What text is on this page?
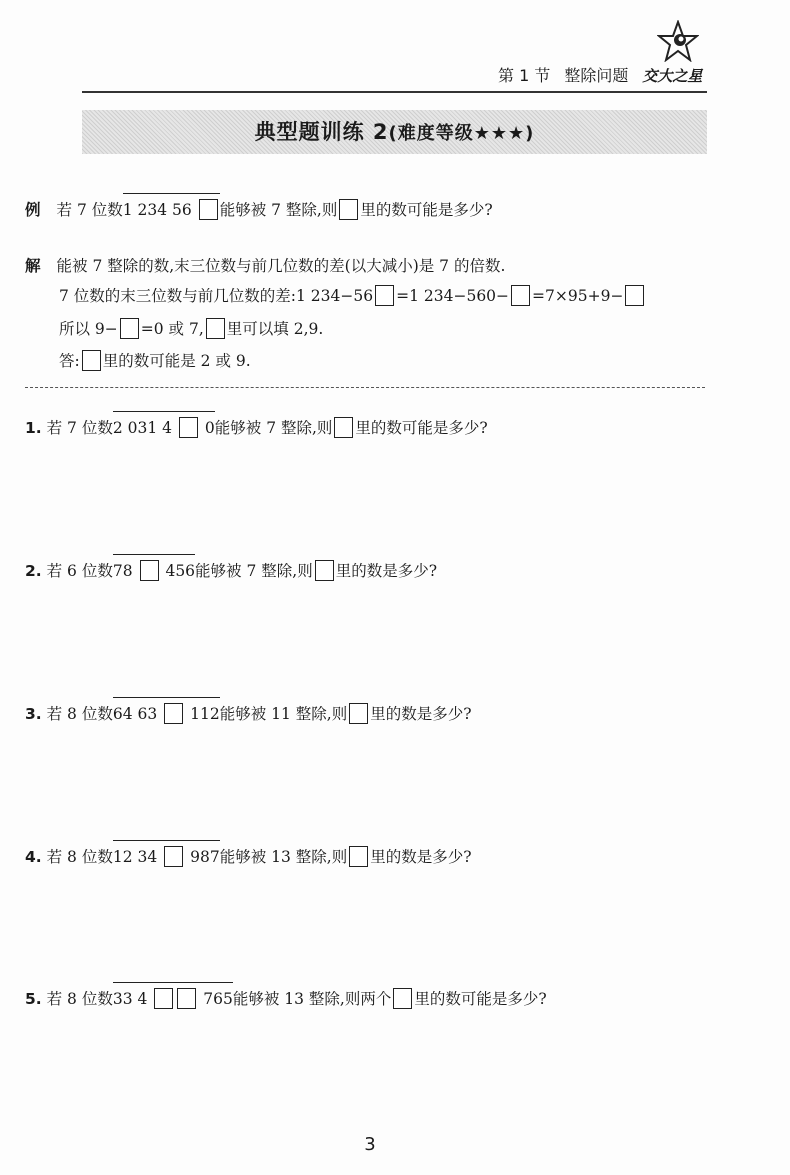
第 1 节 整除问题 交大之星
典型题训练 2(难度等级★★★)
例 若 7 位数
1 234 56 能够被 7 整除,则 里的数可能是多少?
解 能被 7 整除的数,末三位数与前几位数的差(以大减小)是 7 的倍数.
7 位数的末三位数与前几位数的差:1 234−56 =1 234−560− =7×95+9−
所以 9− =0 或 7, 里可以填 2,9.
答: 里的数可能是 2 或 9.
1. 若 7 位数
2 031 4 0能够被 7 整除,则 里的数可能是多少?
2. 若 6 位数
78 456能够被 7 整除,则 里的数是多少?
3. 若 8 位数
64 63 112能够被 11 整除,则 里的数是多少?
4. 若 8 位数
12 34 987能够被 13 整除,则 里的数是多少?
5. 若 8 位数
33 4	765能够被 13 整除,则两个 里的数可能是多少?
3
